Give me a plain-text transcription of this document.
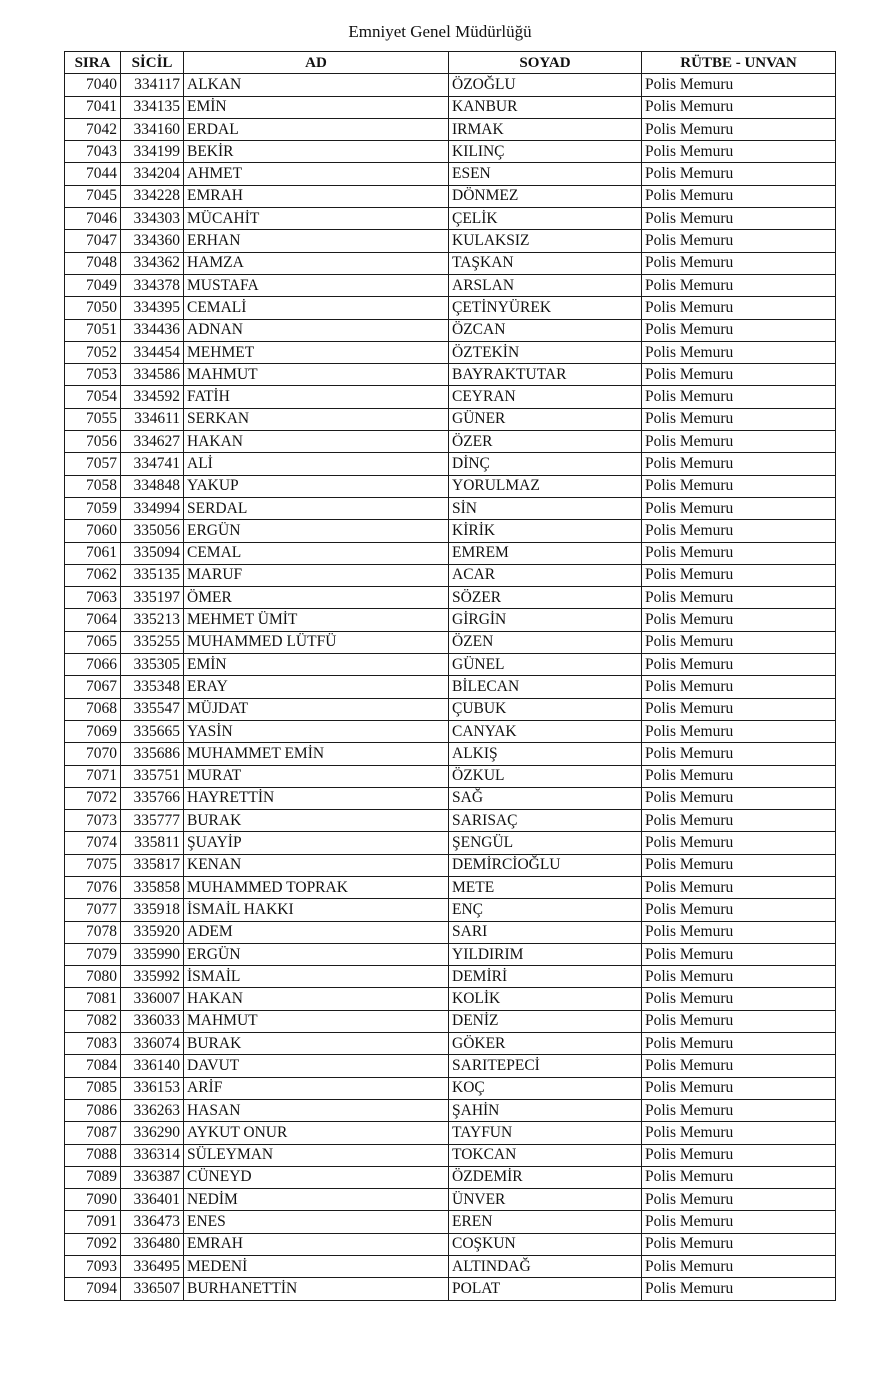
Emniyet Genel Müdürlüğü
SIRA	SİCİL	AD	SOYAD	RÜTBE - UNVAN
7040	334117	ALKAN	ÖZOĞLU	Polis Memuru
7041	334135	EMİN	KANBUR	Polis Memuru
7042	334160	ERDAL	IRMAK	Polis Memuru
7043	334199	BEKİR	KILINÇ	Polis Memuru
7044	334204	AHMET	ESEN	Polis Memuru
7045	334228	EMRAH	DÖNMEZ	Polis Memuru
7046	334303	MÜCAHİT	ÇELİK	Polis Memuru
7047	334360	ERHAN	KULAKSIZ	Polis Memuru
7048	334362	HAMZA	TAŞKAN	Polis Memuru
7049	334378	MUSTAFA	ARSLAN	Polis Memuru
7050	334395	CEMALİ	ÇETİNYÜREK	Polis Memuru
7051	334436	ADNAN	ÖZCAN	Polis Memuru
7052	334454	MEHMET	ÖZTEKİN	Polis Memuru
7053	334586	MAHMUT	BAYRAKTUTAR	Polis Memuru
7054	334592	FATİH	CEYRAN	Polis Memuru
7055	334611	SERKAN	GÜNER	Polis Memuru
7056	334627	HAKAN	ÖZER	Polis Memuru
7057	334741	ALİ	DİNÇ	Polis Memuru
7058	334848	YAKUP	YORULMAZ	Polis Memuru
7059	334994	SERDAL	SİN	Polis Memuru
7060	335056	ERGÜN	KİRİK	Polis Memuru
7061	335094	CEMAL	EMREM	Polis Memuru
7062	335135	MARUF	ACAR	Polis Memuru
7063	335197	ÖMER	SÖZER	Polis Memuru
7064	335213	MEHMET ÜMİT	GİRGİN	Polis Memuru
7065	335255	MUHAMMED LÜTFÜ	ÖZEN	Polis Memuru
7066	335305	EMİN	GÜNEL	Polis Memuru
7067	335348	ERAY	BİLECAN	Polis Memuru
7068	335547	MÜJDAT	ÇUBUK	Polis Memuru
7069	335665	YASİN	CANYAK	Polis Memuru
7070	335686	MUHAMMET EMİN	ALKIŞ	Polis Memuru
7071	335751	MURAT	ÖZKUL	Polis Memuru
7072	335766	HAYRETTİN	SAĞ	Polis Memuru
7073	335777	BURAK	SARISAÇ	Polis Memuru
7074	335811	ŞUAYİP	ŞENGÜL	Polis Memuru
7075	335817	KENAN	DEMİRCİOĞLU	Polis Memuru
7076	335858	MUHAMMED TOPRAK	METE	Polis Memuru
7077	335918	İSMAİL HAKKI	ENÇ	Polis Memuru
7078	335920	ADEM	SARI	Polis Memuru
7079	335990	ERGÜN	YILDIRIM	Polis Memuru
7080	335992	İSMAİL	DEMİRİ	Polis Memuru
7081	336007	HAKAN	KOLİK	Polis Memuru
7082	336033	MAHMUT	DENİZ	Polis Memuru
7083	336074	BURAK	GÖKER	Polis Memuru
7084	336140	DAVUT	SARITEPECİ	Polis Memuru
7085	336153	ARİF	KOÇ	Polis Memuru
7086	336263	HASAN	ŞAHİN	Polis Memuru
7087	336290	AYKUT ONUR	TAYFUN	Polis Memuru
7088	336314	SÜLEYMAN	TOKCAN	Polis Memuru
7089	336387	CÜNEYD	ÖZDEMİR	Polis Memuru
7090	336401	NEDİM	ÜNVER	Polis Memuru
7091	336473	ENES	EREN	Polis Memuru
7092	336480	EMRAH	COŞKUN	Polis Memuru
7093	336495	MEDENİ	ALTINDAĞ	Polis Memuru
7094	336507	BURHANETTİN	POLAT	Polis Memuru
